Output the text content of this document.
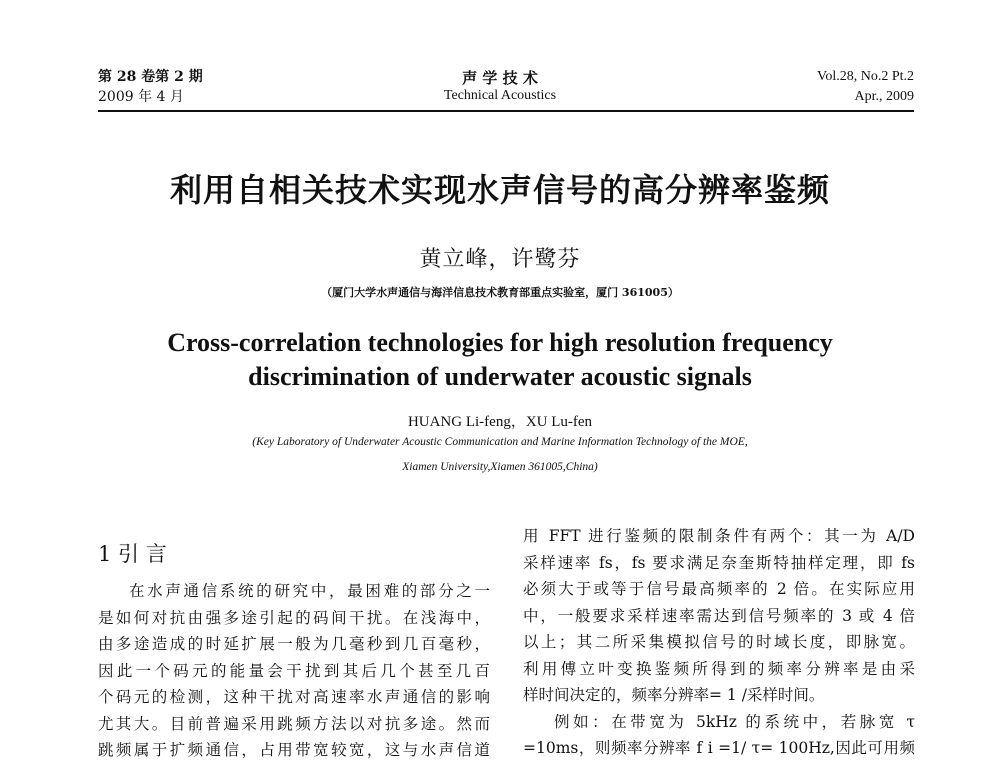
第 28 卷第 2 期
2009 年 4 月
声 学 技 术
Technical Acoustics
Vol.28, No.2 Pt.2
Apr., 2009
利用自相关技术实现水声信号的高分辨率鉴频
黄立峰，许鹭芬
（厦门大学水声通信与海洋信息技术教育部重点实验室，厦门 361005）
Cross-correlation technologies for high resolution frequency
discrimination of underwater acoustic signals
HUANG Li-feng，XU Lu-fen
(Key Laboratory of Underwater Acoustic Communication and Marine Information Technology of the MOE,
Xiamen University,Xiamen 361005,China)
1 引 言

在水声通信系统的研究中，最困难的部分之一

是如何对抗由强多途引起的码间干扰。在浅海中，

由多途造成的时延扩展一般为几毫秒到几百毫秒，

因此一个码元的能量会干扰到其后几个甚至几百

个码元的检测，这种干扰对高速率水声通信的影响

尤其大。目前普遍采用跳频方法以对抗多途。然而

跳频属于扩频通信，占用带宽较宽，这与水声信道

用 FFT 进行鉴频的限制条件有两个：其一为 A/D

采样速率 fs，fs 要求满足奈奎斯特抽样定理，即 fs

必须大于或等于信号最高频率的 2 倍。在实际应用

中，一般要求采样速率需达到信号频率的 3 或 4 倍

以上；其二所采集模拟信号的时域长度，即脉宽。

利用傅立叶变换鉴频所得到的频率分辨率是由采

样时间决定的，频率分辨率= 1 /采样时间。

例如：在带宽为 5kHz 的系统中，若脉宽 τ

=10ms，则频率分辨率 f i =1/ τ= 100Hz,因此可用频
